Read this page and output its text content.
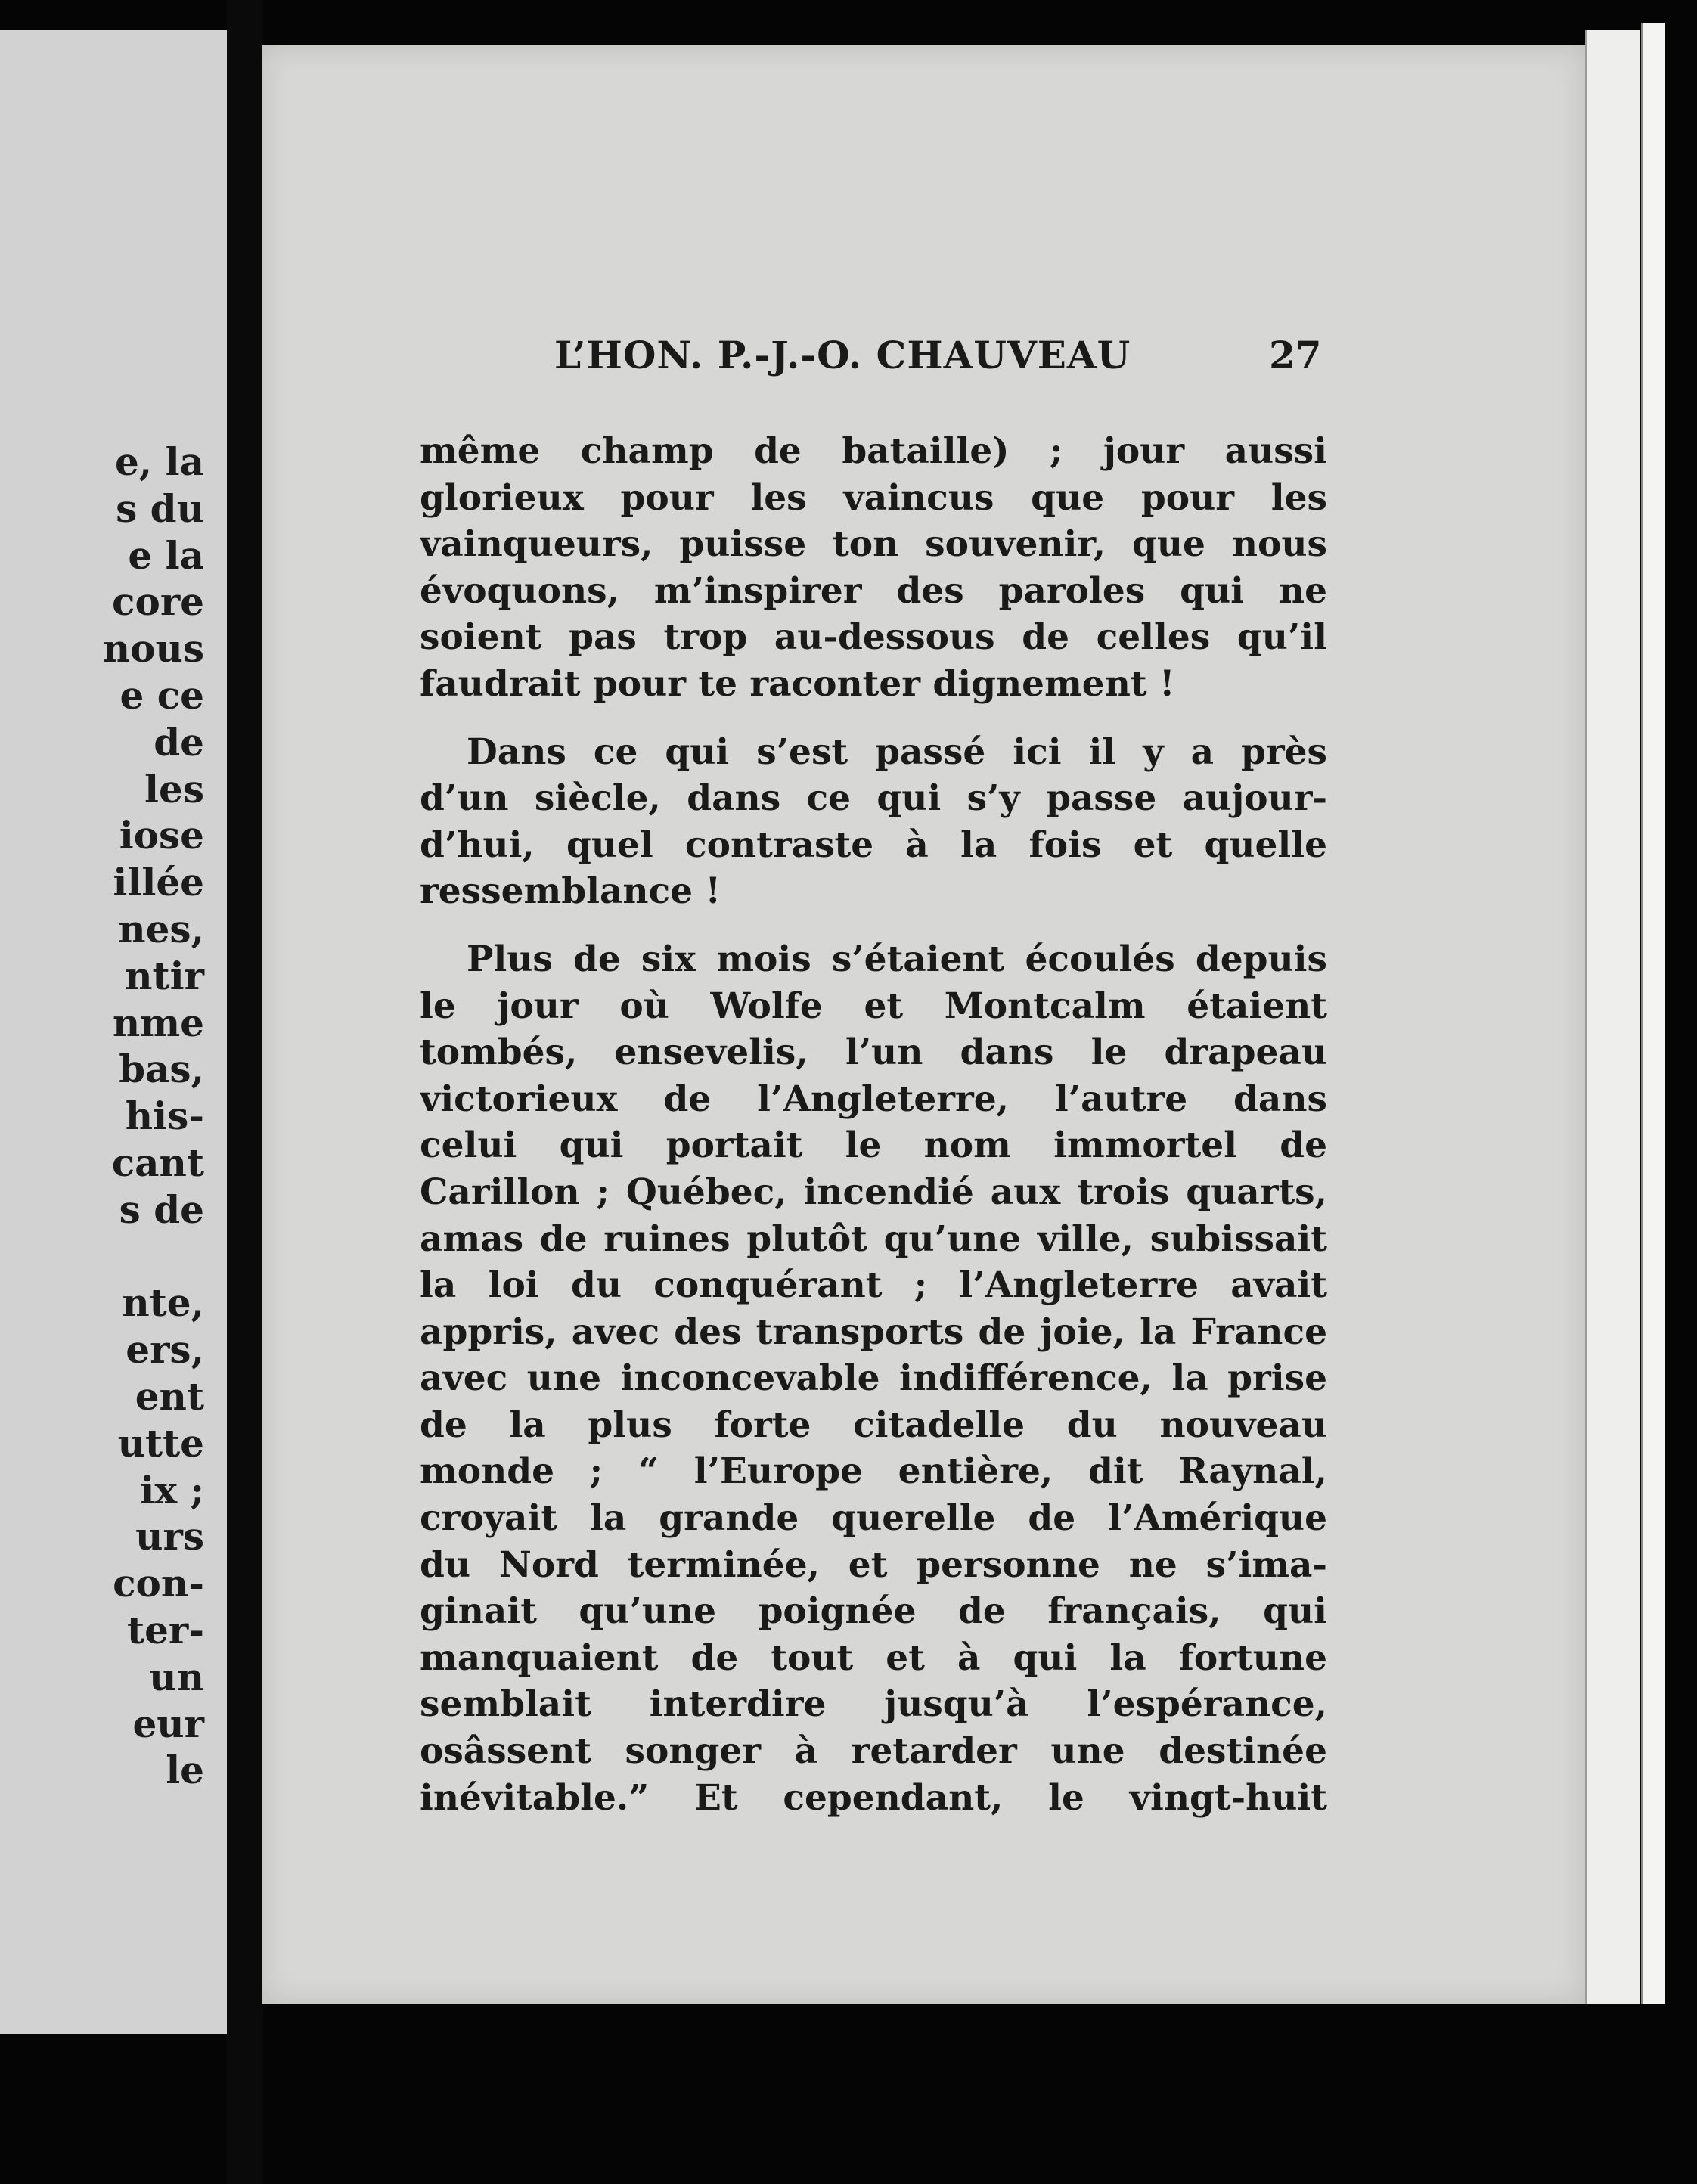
e, la
s du
e la
core
nous
e ce
de
les
iose
illée
nes,
ntir
nme
bas,
his-
cant
s de
nte,
ers,
ent
utte
ix ;
urs
con-
ter-
un
eur
le
L’HON. P.-J.-O. CHAUVEAU	27
même champ de bataille) ; jour aussi
glorieux pour les vaincus que pour les
vainqueurs, puisse ton souvenir, que nous
évoquons, m’inspirer des paroles qui ne
soient pas trop au-dessous de celles qu’il
faudrait pour te raconter dignement !
Dans ce qui s’est passé ici il y a près
d’un siècle, dans ce qui s’y passe aujour-
d’hui, quel contraste à la fois et quelle
ressemblance !
Plus de six mois s’étaient écoulés depuis
le jour où Wolfe et Montcalm étaient
tombés, ensevelis, l’un dans le drapeau
victorieux de l’Angleterre, l’autre dans
celui qui portait le nom immortel de
Carillon ; Québec, incendié aux trois quarts,
amas de ruines plutôt qu’une ville, subissait
la loi du conquérant ; l’Angleterre avait
appris, avec des transports de joie, la France
avec une inconcevable indifférence, la prise
de la plus forte citadelle du nouveau
monde ; “ l’Europe entière, dit Raynal,
croyait la grande querelle de l’Amérique
du Nord terminée, et personne ne s’ima-
ginait qu’une poignée de français, qui
manquaient de tout et à qui la fortune
semblait interdire jusqu’à l’espérance,
osâssent songer à retarder une destinée
inévitable.” Et cependant, le vingt-huit
